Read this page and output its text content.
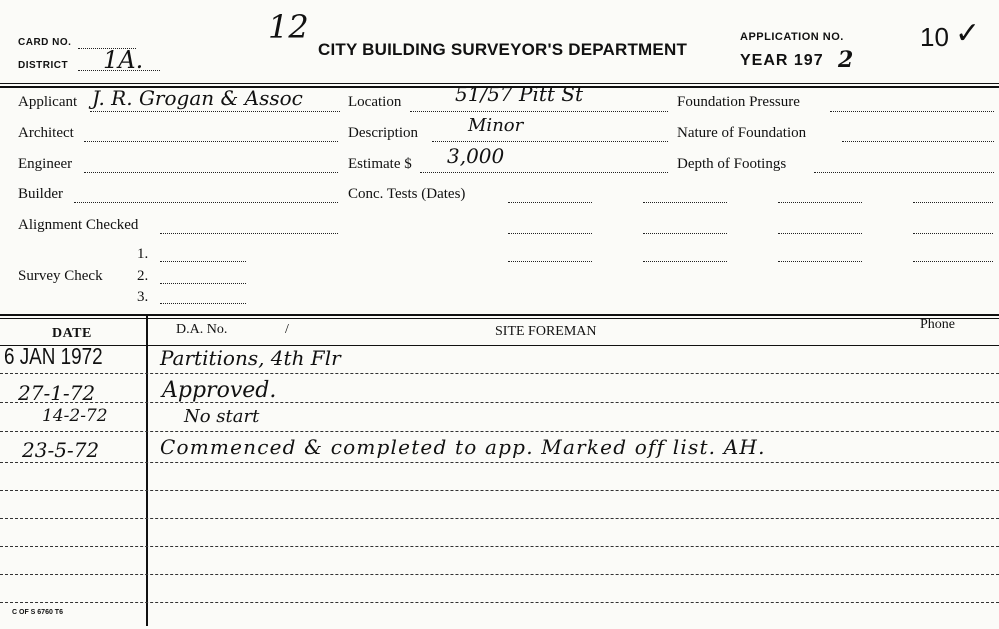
CARD NO.
DISTRICT 1A.
12
CITY BUILDING SURVEYOR'S DEPARTMENT
APPLICATION NO.	10 ✓
YEAR 197 2
Applicant J. R. Grogan & Assoc
Architect
Engineer
Builder
Alignment Checked
1.
Survey Check 2.
3.
Location	51/57 Pitt St
Description	Minor
Estimate $ 3,000
Conc. Tests (Dates)
Foundation Pressure
Nature of Foundation
Depth of Footings
DATE	D.A. No.	/	SITE FOREMAN	Phone
6 JAN 1972	Partitions, 4th Flr
27-1-72	Approved.
14-2-72	No start
23-5-72	Commenced & completed to app. Marked off list. AH.
C OF S 6760 T6
